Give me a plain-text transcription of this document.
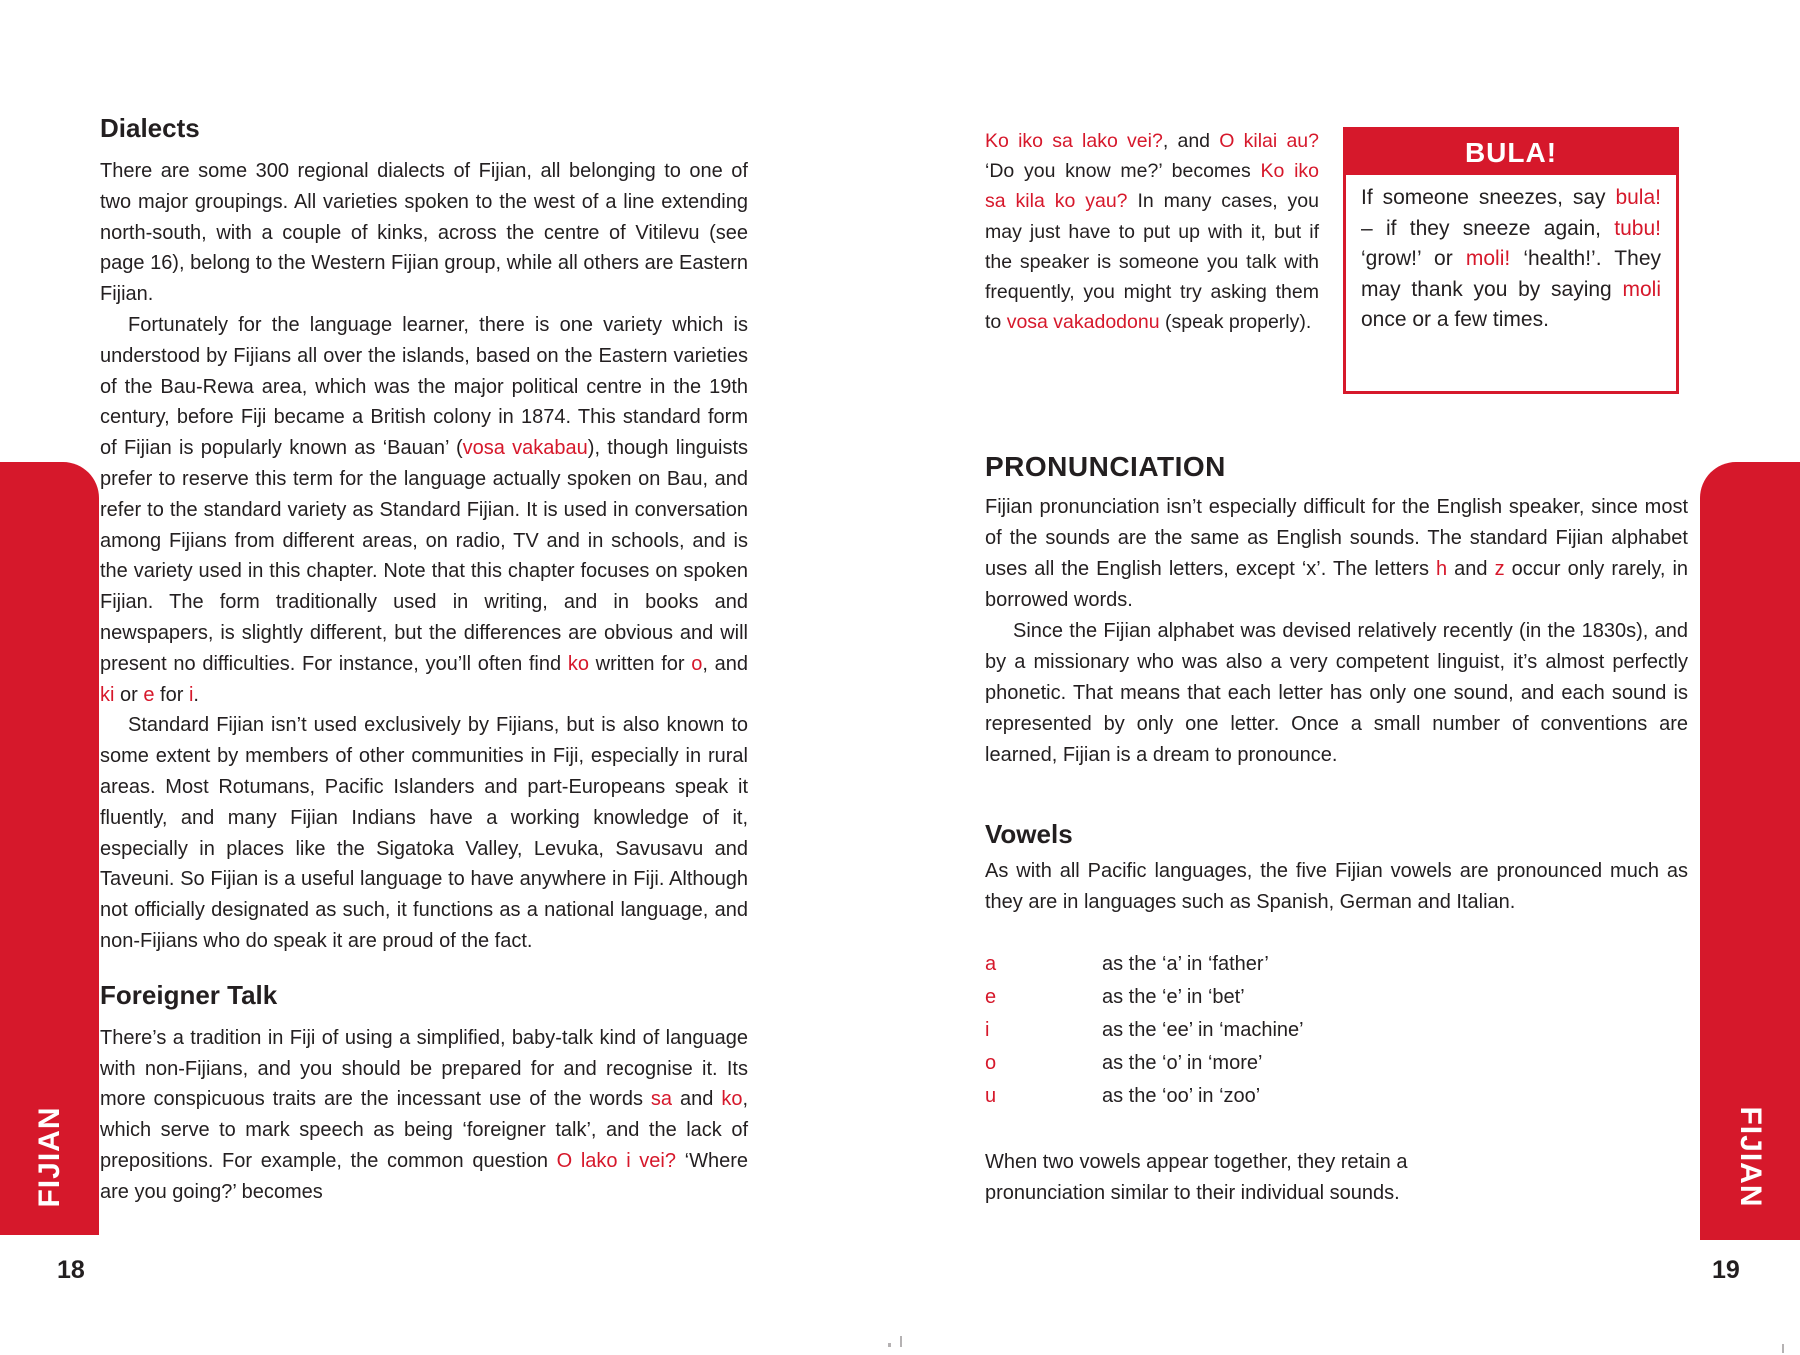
Dialects

There are some 300 regional dialects of Fijian, all belonging to one of two major groupings. All varieties spoken to the west of a line extending north-south, with a couple of kinks, across the centre of Vitilevu (see page 16), belong to the Western Fijian group, while all others are Eastern Fijian.

Fortunately for the language learner, there is one variety which is understood by Fijians all over the islands, based on the Eastern varieties of the Bau-Rewa area, which was the major political centre in the 19th century, before Fiji became a British colony in 1874. This standard form of Fijian is popularly known as ‘Bauan’ (vosa vakabau), though linguists prefer to reserve this term for the language actually spoken on Bau, and refer to the standard variety as Standard Fijian. It is used in conversation among Fijians from different areas, on radio, TV and in schools, and is the variety used in this chapter. Note that this chapter focuses on spoken Fijian. The form traditionally used in writing, and in books and newspapers, is slightly different, but the differences are obvious and will present no difficulties. For instance, you’ll often find ko written for o, and ki or e for i.

Standard Fijian isn’t used exclusively by Fijians, but is also known to some extent by members of other communities in Fiji, especially in rural areas. Most Rotumans, Pacific Islanders and part-Europeans speak it fluently, and many Fijian Indians have a working knowledge of it, especially in places like the Sigatoka Valley, Levuka, Savusavu and Taveuni. So Fijian is a useful language to have anywhere in Fiji. Although not officially designated as such, it functions as a national language, and non-Fijians who do speak it are proud of the fact.

Foreigner Talk

There’s a tradition in Fiji of using a simplified, baby-talk kind of language with non-Fijians, and you should be prepared for and recognise it. Its more conspicuous traits are the incessant use of the words sa and ko, which serve to mark speech as being ‘foreigner talk’, and the lack of prepositions. For example, the common question O lako i vei? ‘Where are you going?’ becomes

Ko iko sa lako vei?, and O kilai au? ‘Do you know me?’ becomes Ko iko sa kila ko yau? In many cases, you may just have to put up with it, but if the speaker is someone you talk with frequently, you might try asking them to vosa vakadodonu (speak properly).

BULA!
If someone sneezes, say bula! – if they sneeze again, tubu! ‘grow!’ or moli! ‘health!’. They may thank you by saying moli once or a few times.
PRONUNCIATION

Fijian pronunciation isn’t especially difficult for the English speaker, since most of the sounds are the same as English sounds. The standard Fijian alphabet uses all the English letters, except ‘x’. The letters h and z occur only rarely, in borrowed words.

Since the Fijian alphabet was devised relatively recently (in the 1830s), and by a missionary who was also a very competent linguist, it’s almost perfectly phonetic. That means that each letter has only one sound, and each sound is represented by only one letter. Once a small number of conventions are learned, Fijian is a dream to pronounce.

Vowels

As with all Pacific languages, the five Fijian vowels are pronounced much as they are in languages such as Spanish, German and Italian.

a	as the ‘a’ in ‘father’
e	as the ‘e’ in ‘bet’
i	as the ‘ee’ in ‘machine’
o	as the ‘o’ in ‘more’
u	as the ‘oo’ in ‘zoo’

When two vowels appear together, they retain a
pronunciation similar to their individual sounds.

FIJIAN	FIJIAN
18	19
